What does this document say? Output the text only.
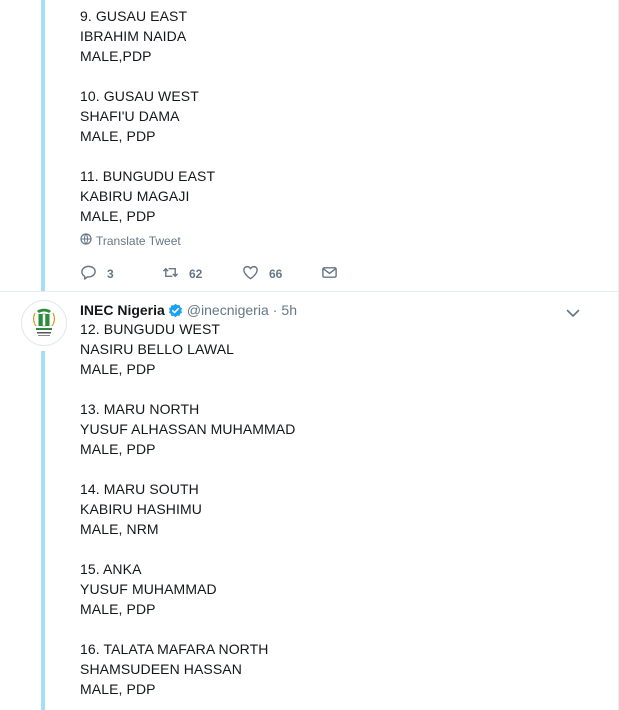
9. GUSAU EAST
IBRAHIM NAIDA
MALE,PDP
10. GUSAU WEST
SHAFI'U DAMA
MALE, PDP
11. BUNGUDU EAST
KABIRU MAGAJI
MALE, PDP
Translate Tweet
3	62	66
INEC Nigeria @inecnigeria · 5h
12. BUNGUDU WEST
NASIRU BELLO LAWAL
MALE, PDP
13. MARU NORTH
YUSUF ALHASSAN MUHAMMAD
MALE, PDP
14. MARU SOUTH
KABIRU HASHIMU
MALE, NRM
15. ANKA
YUSUF MUHAMMAD
MALE, PDP
16. TALATA MAFARA NORTH
SHAMSUDEEN HASSAN
MALE, PDP
